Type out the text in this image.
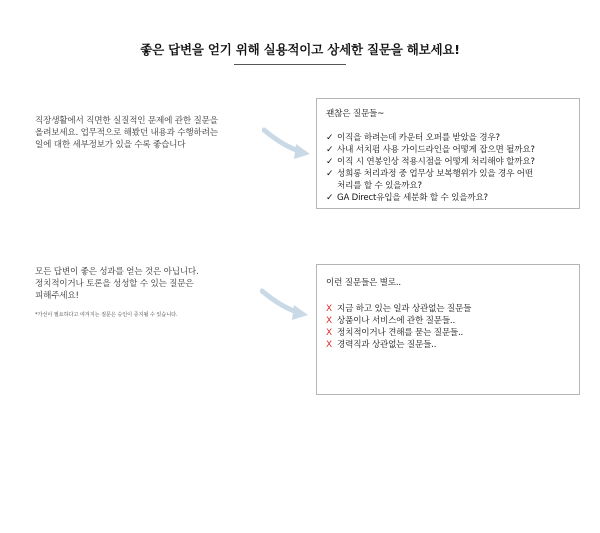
좋은 답변을 얻기 위해 실용적이고 상세한 질문을 해보세요!

직장생활에서 직면한 실질적인 문제에 관한 질문을

올려보세요. 업무적으로 해봤던 내용과 수행하려는

일에 대한 세부정보가 있을 수록 좋습니다

괜찮은 질문들~

✓ 이직을 하려는데 카운터 오퍼를 받았을 경우?
✓ 사내 서치펌 사용 가이드라인을 어떻게 잡으면 될까요?
✓ 이직 시 연봉인상 적용시점을 어떻게 처리해야 할까요?
✓ 성희롱 처리과정 중 업무상 보복행위가 있을 경우 어떤
처리를 할 수 있을까요?
✓ GA Direct유입을 세분화 할 수 있을까요?

모든 답변이 좋은 성과를 얻는 것은 아닙니다.

정치적이거나 토론을 성성할 수 있는 질문은

피해주세요!

*가선이 필요하다고 여겨지는 질문은 승인이 증지될 수 있습니다.

이런 질문들은 별로..

X 지금 하고 있는 일과 상관없는 질문들
X 상품이나 서비스에 관한 질문들..
X 정치적이거나 견해를 묻는 질문들..
X 경력직과 상관없는 질문들..
